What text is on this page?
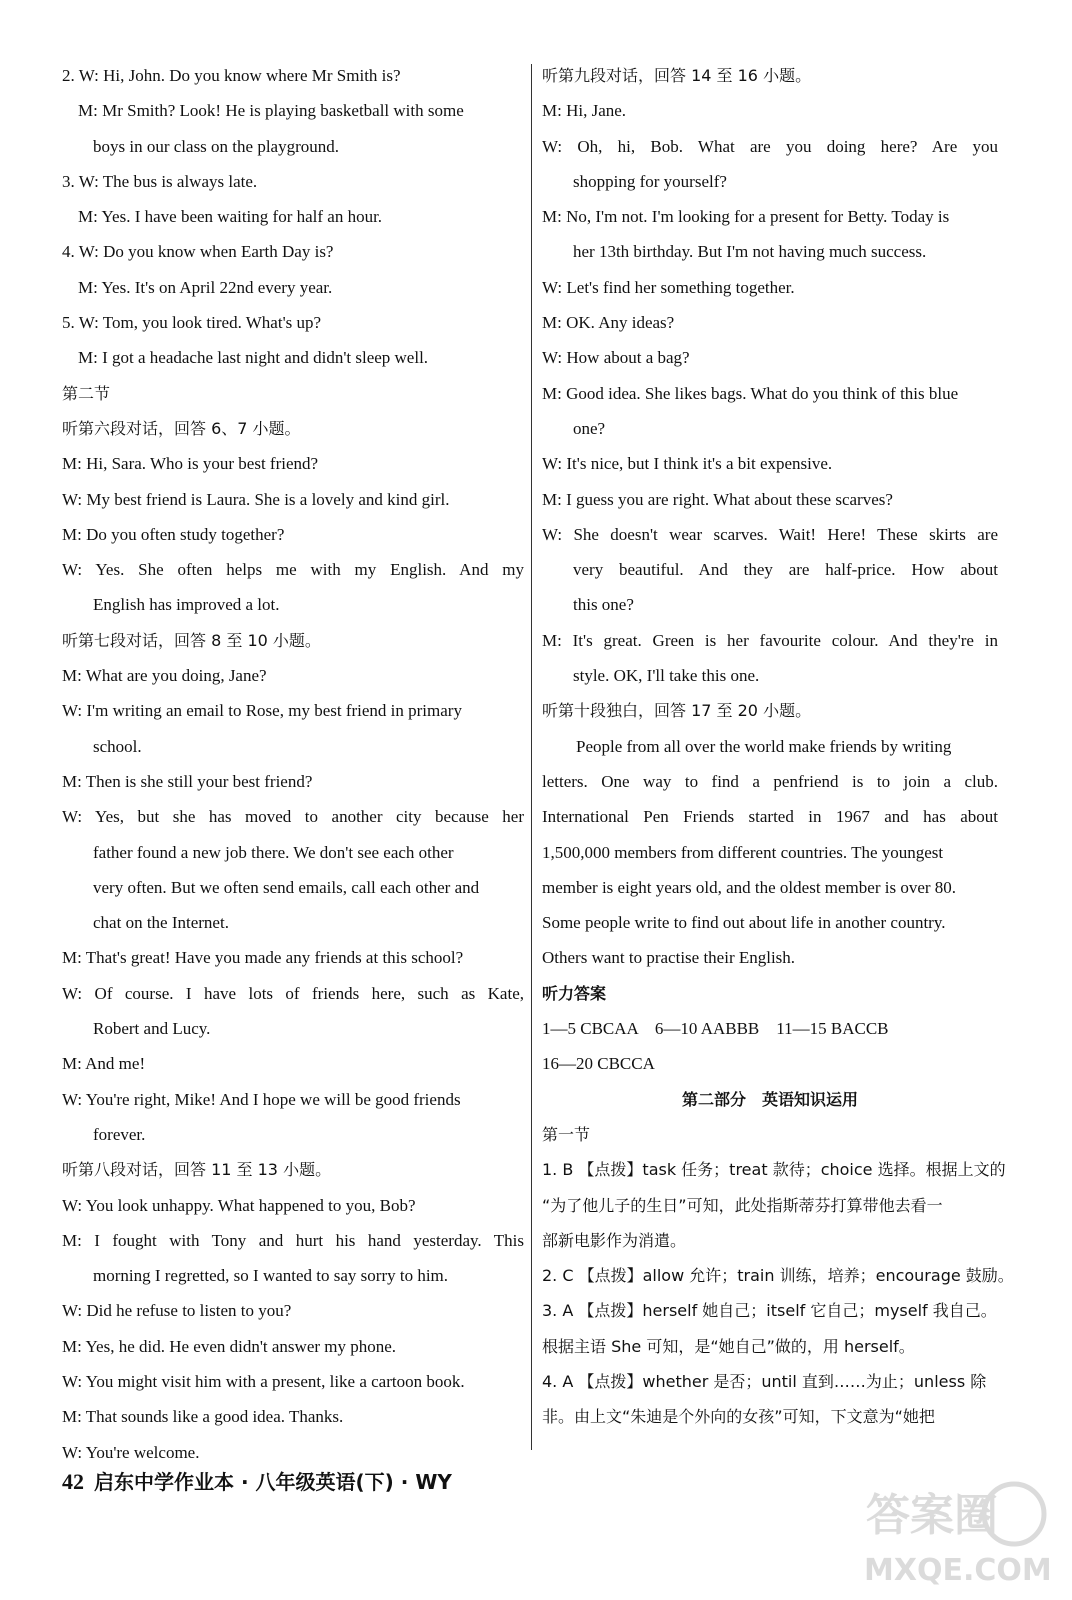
2. W: Hi, John. Do you know where Mr Smith is?
M: Mr Smith? Look! He is playing basketball with some
boys in our class on the playground.
3. W: The bus is always late.
M: Yes. I have been waiting for half an hour.
4. W: Do you know when Earth Day is?
M: Yes. It's on April 22nd every year.
5. W: Tom, you look tired. What's up?
M: I got a headache last night and didn't sleep well.
第二节
听第六段对话，回答 6、7 小题。
M: Hi, Sara. Who is your best friend?
W: My best friend is Laura. She is a lovely and kind girl.
M: Do you often study together?
W: Yes. She often helps me with my English. And my
English has improved a lot.
听第七段对话，回答 8 至 10 小题。
M: What are you doing, Jane?
W: I'm writing an email to Rose, my best friend in primary
school.
M: Then is she still your best friend?
W: Yes, but she has moved to another city because her
father found a new job there. We don't see each other
very often. But we often send emails, call each other and
chat on the Internet.
M: That's great! Have you made any friends at this school?
W: Of course. I have lots of friends here, such as Kate,
Robert and Lucy.
M: And me!
W: You're right, Mike! And I hope we will be good friends
forever.
听第八段对话，回答 11 至 13 小题。
W: You look unhappy. What happened to you, Bob?
M: I fought with Tony and hurt his hand yesterday. This
morning I regretted, so I wanted to say sorry to him.
W: Did he refuse to listen to you?
M: Yes, he did. He even didn't answer my phone.
W: You might visit him with a present, like a cartoon book.
M: That sounds like a good idea. Thanks.
W: You're welcome.
听第九段对话，回答 14 至 16 小题。
M: Hi, Jane.
W: Oh, hi, Bob. What are you doing here? Are you
shopping for yourself?
M: No, I'm not. I'm looking for a present for Betty. Today is
her 13th birthday. But I'm not having much success.
W: Let's find her something together.
M: OK. Any ideas?
W: How about a bag?
M: Good idea. She likes bags. What do you think of this blue
one?
W: It's nice, but I think it's a bit expensive.
M: I guess you are right. What about these scarves?
W: She doesn't wear scarves. Wait! Here! These skirts are
very beautiful. And they are half-price. How about
this one?
M: It's great. Green is her favourite colour. And they're in
style. OK, I'll take this one.
听第十段独白，回答 17 至 20 小题。
People from all over the world make friends by writing
letters. One way to find a penfriend is to join a club.
International Pen Friends started in 1967 and has about
1,500,000 members from different countries. The youngest
member is eight years old, and the oldest member is over 80.
Some people write to find out about life in another country.
Others want to practise their English.
听力答案
1—5 CBCAA　6—10 AABBB　11—15 BACCB
16—20 CBCCA
第二部分　英语知识运用
第一节
1. B 【点拨】task 任务；treat 款待；choice 选择。根据上文的
“为了他儿子的生日”可知，此处指斯蒂芬打算带他去看一
部新电影作为消遣。
2. C 【点拨】allow 允许；train 训练，培养；encourage 鼓励。
3. A 【点拨】herself 她自己；itself 它自己；myself 我自己。
根据主语 She 可知，是“她自己”做的，用 herself。
4. A 【点拨】whether 是否；until 直到……为止；unless 除
非。由上文“朱迪是个外向的女孩”可知，下文意为“她把
42 启东中学作业本 · 八年级英语(下) · WY
答案圈
MXQE.COM
